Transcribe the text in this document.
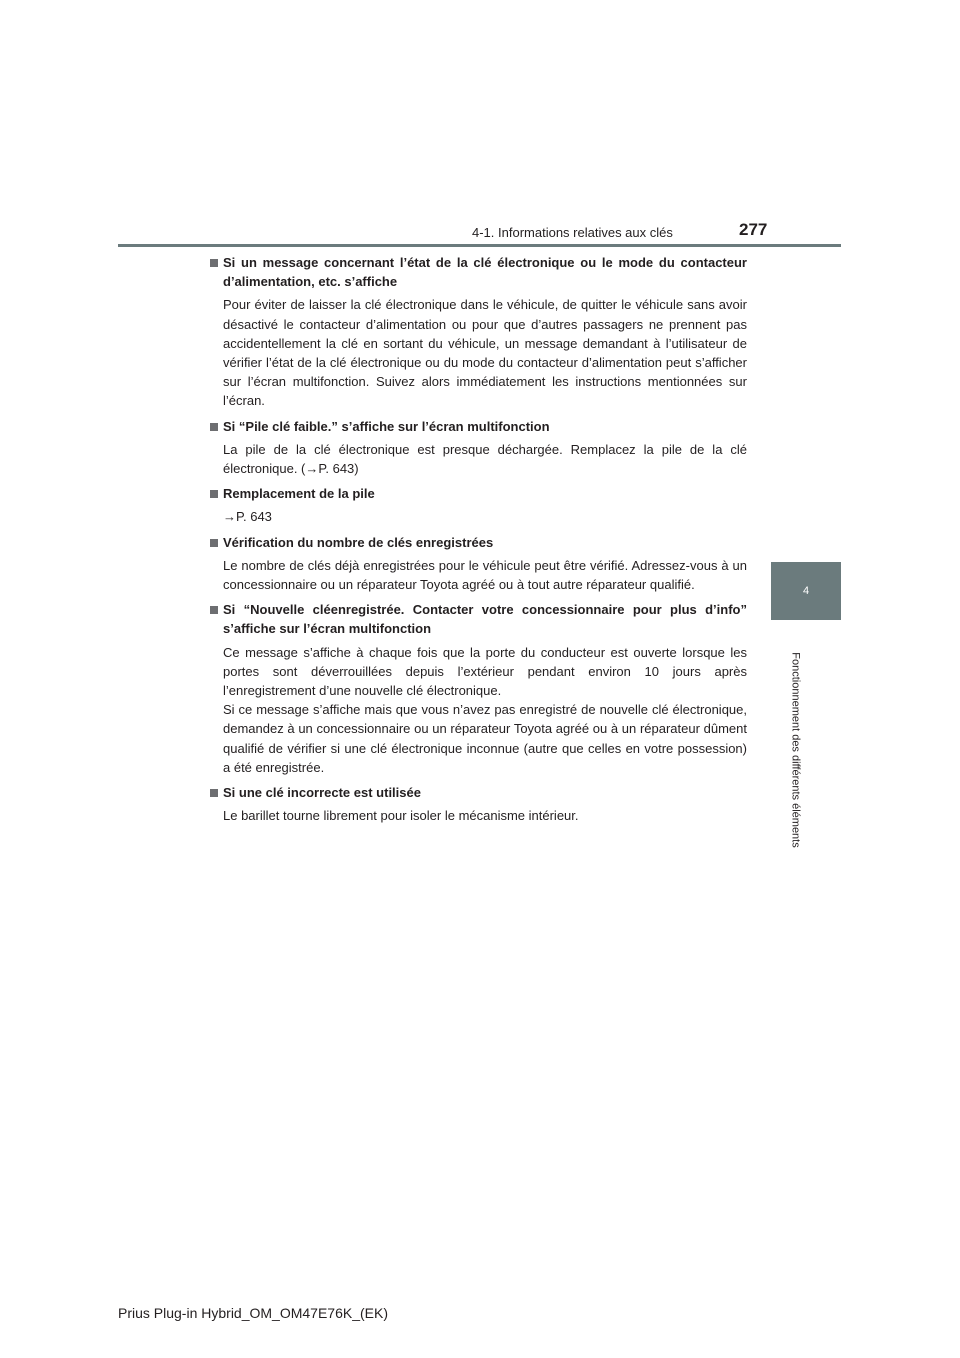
4-1. Informations relatives aux clés	277
4
Fonctionnement des différents éléments
Si un message concernant l’état de la clé électronique ou le mode du contacteur d’alimentation, etc. s’affiche
Pour éviter de laisser la clé électronique dans le véhicule, de quitter le véhicule sans avoir désactivé le contacteur d’alimentation ou pour que d’autres passagers ne prennent pas accidentellement la clé en sortant du véhicule, un message demandant à l’utilisateur de vérifier l’état de la clé électronique ou du mode du contacteur d’alimentation peut s’afficher sur l’écran multifonction. Suivez alors immédiatement les instructions mentionnées sur l’écran.
Si “Pile clé faible.” s’affiche sur l’écran multifonction
La pile de la clé électronique est presque déchargée. Remplacez la pile de la clé électronique. (→P. 643)
Remplacement de la pile
→P. 643
Vérification du nombre de clés enregistrées
Le nombre de clés déjà enregistrées pour le véhicule peut être vérifié. Adressez-vous à un concessionnaire ou un réparateur Toyota agréé ou à tout autre réparateur qualifié.
Si “Nouvelle cléenregistrée. Contacter votre concessionnaire pour plus d’info” s’affiche sur l’écran multifonction
Ce message s’affiche à chaque fois que la porte du conducteur est ouverte lorsque les portes sont déverrouillées depuis l’extérieur pendant environ 10 jours après l’enregistrement d’une nouvelle clé électronique.
Si ce message s’affiche mais que vous n’avez pas enregistré de nouvelle clé électronique, demandez à un concessionnaire ou un réparateur Toyota agréé ou à un réparateur dûment qualifié de vérifier si une clé électronique inconnue (autre que celles en votre possession) a été enregistrée.
Si une clé incorrecte est utilisée
Le barillet tourne librement pour isoler le mécanisme intérieur.
Prius Plug-in Hybrid_OM_OM47E76K_(EK)
